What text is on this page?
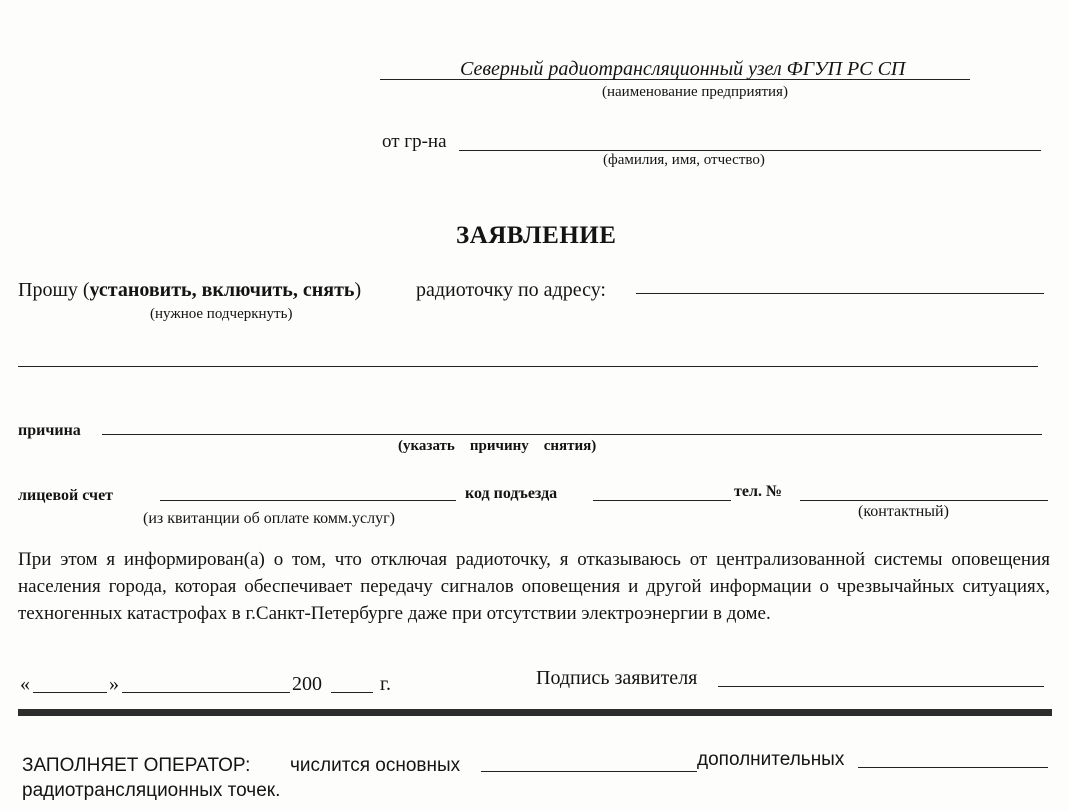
Северный радиотрансляционный узел ФГУП РС СП
(наименование предприятия)
от гр-на
(фамилия, имя, отчество)
ЗАЯВЛЕНИЕ
Прошу (установить, включить, снять)	радиоточку по адресу:
(нужное подчеркнуть)
причина
(указать    причину    снятия)
лицевой счет
(из квитанции об оплате комм.услуг)
код подъезда	тел. №
(контактный)
При этом я информирован(а) о том, что отключая радиоточку, я отказываюсь от централизованной системы оповещения населения города, которая обеспечивает передачу сигналов оповещения и другой информации о чрезвычайных ситуациях, техногенных катастрофах в г.Санкт-Петербурге даже при отсутствии электроэнергии в доме.
«	»	200	г.	Подпись заявителя
ЗАПОЛНЯЕТ ОПЕРАТОР: числится основных	дополнительных
радиотрансляционных точек.
